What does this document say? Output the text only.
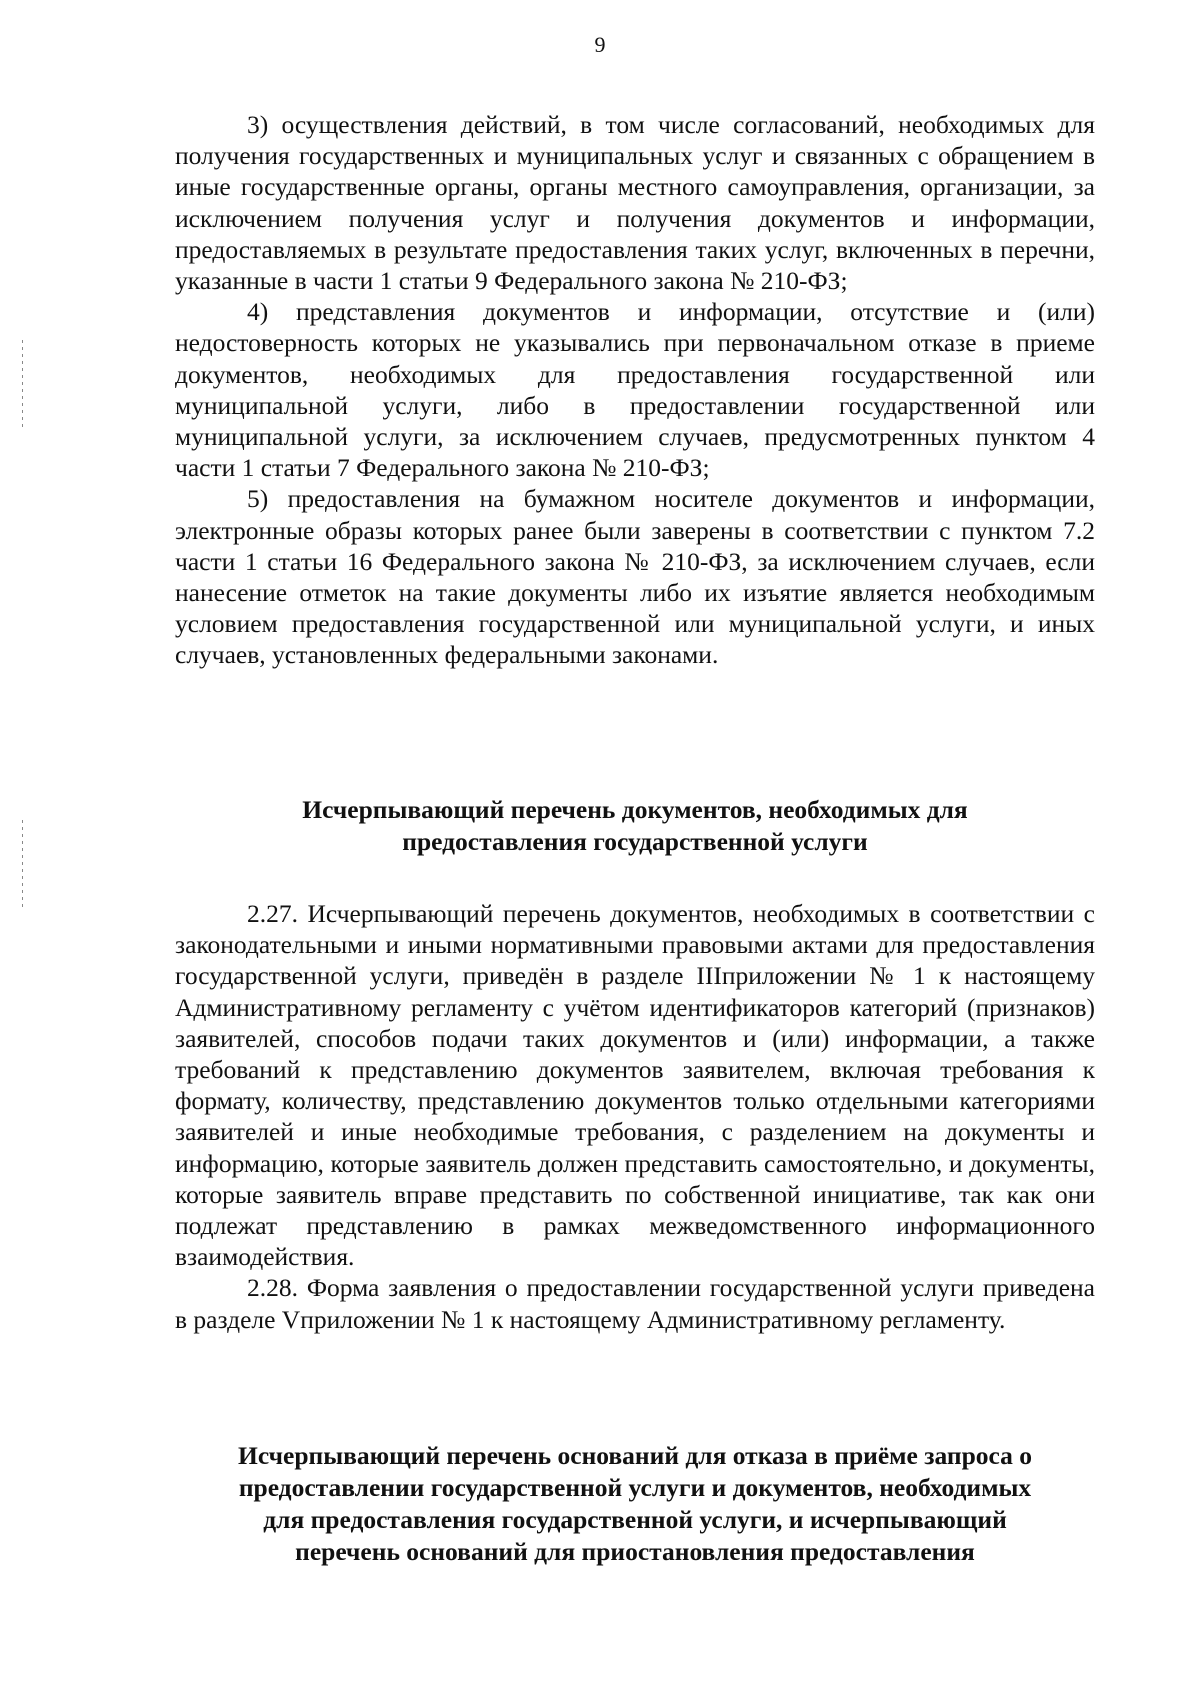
9

3) осуществления действий, в том числе согласований, необходимых для получения государственных и муниципальных услуг и связанных с обращением в иные государственные органы, органы местного самоуправления, организации, за исключением получения услуг и получения документов и информации, предоставляемых в результате предоставления таких услуг, включенных в перечни, указанные в части 1 статьи 9 Федерального закона № 210-ФЗ;

4) представления документов и информации, отсутствие и (или) недостоверность которых не указывались при первоначальном отказе в приеме документов, необходимых для предоставления государственной или муниципальной услуги, либо в предоставлении государственной или муниципальной услуги, за исключением случаев, предусмотренных пунктом 4 части 1 статьи 7 Федерального закона № 210-ФЗ;

5) предоставления на бумажном носителе документов и информации, электронные образы которых ранее были заверены в соответствии с пунктом 7.2 части 1 статьи 16 Федерального закона № 210-ФЗ, за исключением случаев, если нанесение отметок на такие документы либо их изъятие является необходимым условием предоставления государственной или муниципальной услуги, и иных случаев, установленных федеральными законами.

Исчерпывающий перечень документов, необходимых для

предоставления государственной услуги

2.27. Исчерпывающий перечень документов, необходимых в соответствии с законодательными и иными нормативными правовыми актами для предоставления государственной услуги, приведён в разделе IIIприложении № 1 к настоящему Административному регламенту с учётом идентификаторов категорий (признаков) заявителей, способов подачи таких документов и (или) информации, а также требований к представлению документов заявителем, включая требования к формату, количеству, представлению документов только отдельными категориями заявителей и иные необходимые требования, с разделением на документы и информацию, которые заявитель должен представить самостоятельно, и документы, которые заявитель вправе представить по собственной инициативе, так как они подлежат представлению в рамках межведомственного информационного взаимодействия.

2.28. Форма заявления о предоставлении государственной услуги приведена в разделе Vприложении № 1 к настоящему Административному регламенту.

Исчерпывающий перечень оснований для отказа в приёме запроса о

предоставлении государственной услуги и документов, необходимых

для предоставления государственной услуги, и исчерпывающий

перечень оснований для приостановления предоставления
